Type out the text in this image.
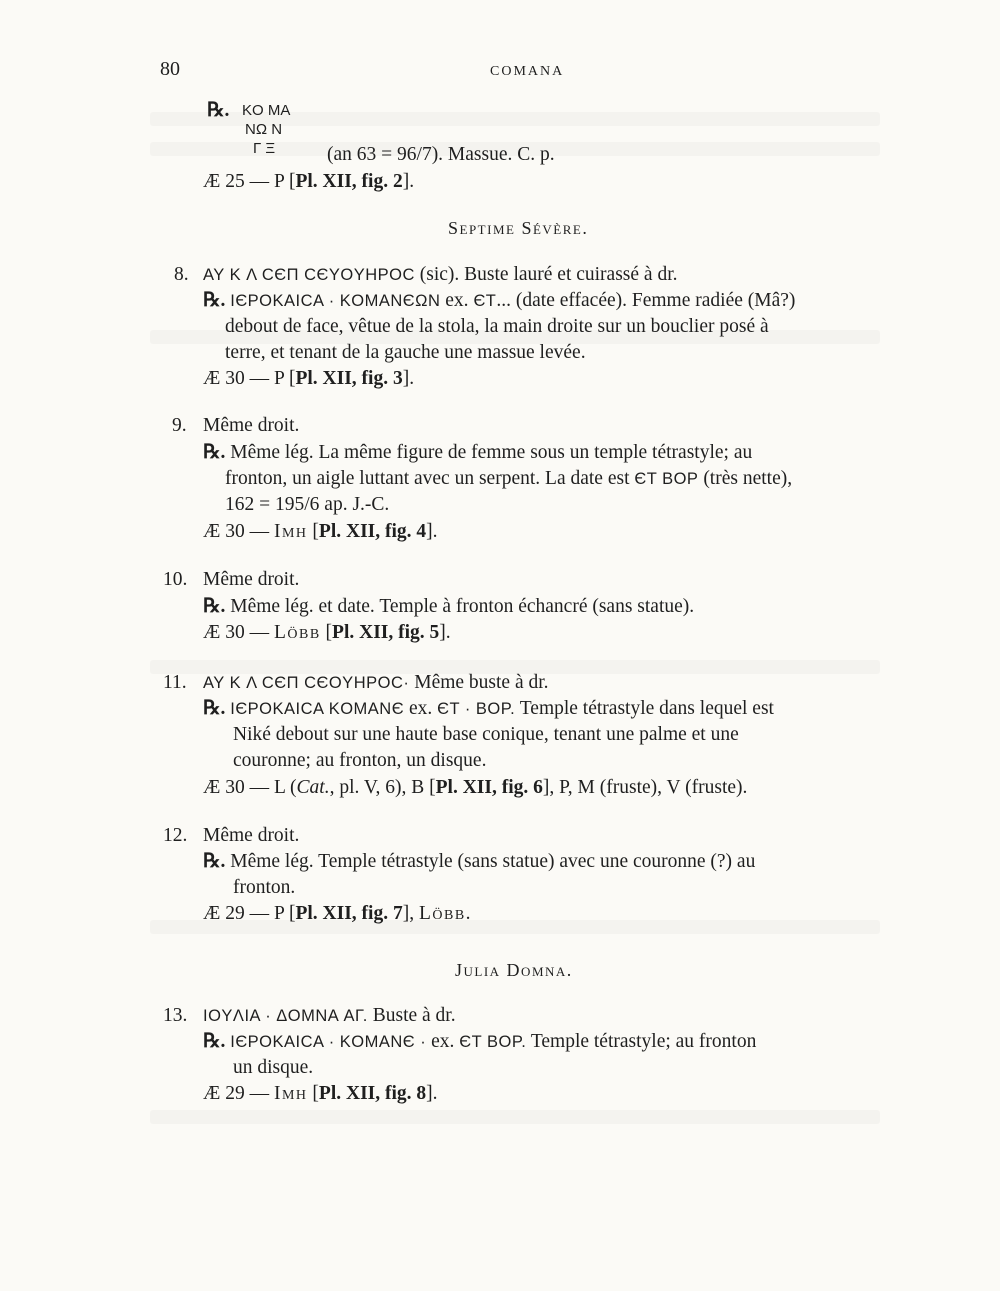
80	COMANA
℞. KO MA
NΩ N
Γ Ξ	(an 63 = 96/7). Massue. C. p.
Æ 25 — P [Pl. XII, fig. 2].
Septime Sévère.
8. AY K Λ CЄП CЄYOYHPOC (sic). Buste lauré et cuirassé à dr.
℞. IЄPOKAICA · KOMANЄΩN ex. ЄT... (date effacée). Femme radiée (Mâ?)
debout de face, vêtue de la stola, la main droite sur un bouclier posé à
terre, et tenant de la gauche une massue levée.
Æ 30 — P [Pl. XII, fig. 3].
9. Même droit.
℞. Même lég. La même figure de femme sous un temple tétrastyle; au
fronton, un aigle luttant avec un serpent. La date est ЄT BOP (très nette),
162 = 195/6 ap. J.-C.
Æ 30 — Imh [Pl. XII, fig. 4].
10. Même droit.
℞. Même lég. et date. Temple à fronton échancré (sans statue).
Æ 30 — Löbb [Pl. XII, fig. 5].
11. AY K Λ CЄП CЄOYHPOC· Même buste à dr.
℞. IЄPOKAICA KOMANЄ ex. ЄT · BOP. Temple tétrastyle dans lequel est
Niké debout sur une haute base conique, tenant une palme et une
couronne; au fronton, un disque.
Æ 30 — L (Cat., pl. V, 6), B [Pl. XII, fig. 6], P, M (fruste), V (fruste).
12. Même droit.
℞. Même lég. Temple tétrastyle (sans statue) avec une couronne (?) au
fronton.
Æ 29 — P [Pl. XII, fig. 7], Löbb.
Julia Domna.
13. IOYΛIA · ΔOMNA ΑΓ. Buste à dr.
℞. IЄPOKAICA · KOMANЄ · ex. ЄT BOP. Temple tétrastyle; au fronton
un disque.
Æ 29 — Imh [Pl. XII, fig. 8].
